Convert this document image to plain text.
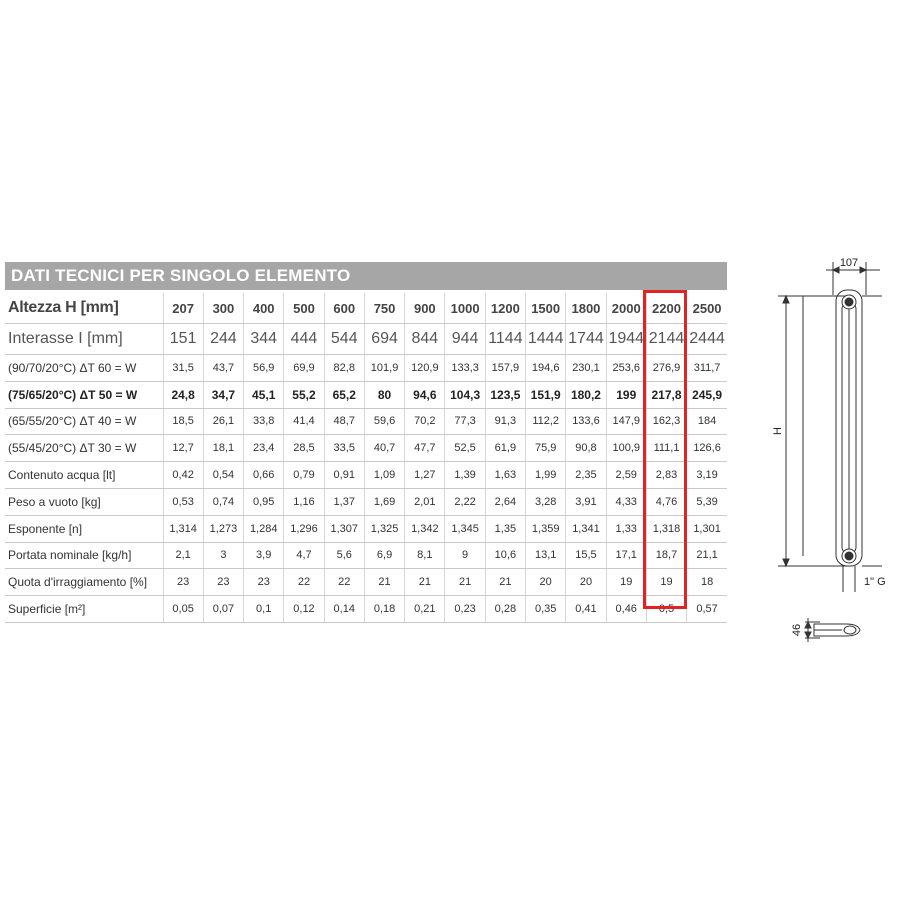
DATI TECNICI PER SINGOLO ELEMENTO
Altezza H [mm]	207	300	400	500	600	750	900	1000	1200	1500	1800	2000	2200	2500
Interasse I [mm]	151	244	344	444	544	694	844	944	1144	1444	1744	1944	2144	2444
(90/70/20°C) ΔT 60 = W	31,5	43,7	56,9	69,9	82,8	101,9	120,9	133,3	157,9	194,6	230,1	253,6	276,9	311,7
(75/65/20°C) ΔT 50 = W	24,8	34,7	45,1	55,2	65,2	80	94,6	104,3	123,5	151,9	180,2	199	217,8	245,9
(65/55/20°C) ΔT 40 = W	18,5	26,1	33,8	41,4	48,7	59,6	70,2	77,3	91,3	112,2	133,6	147,9	162,3	184
(55/45/20°C) ΔT 30 = W	12,7	18,1	23,4	28,5	33,5	40,7	47,7	52,5	61,9	75,9	90,8	100,9	111,1	126,6
Contenuto acqua [lt]	0,42	0,54	0,66	0,79	0,91	1,09	1,27	1,39	1,63	1,99	2,35	2,59	2,83	3,19
Peso a vuoto [kg]	0,53	0,74	0,95	1,16	1,37	1,69	2,01	2,22	2,64	3,28	3,91	4,33	4,76	5,39
Esponente [n]	1,314	1,273	1,284	1,296	1,307	1,325	1,342	1,345	1,35	1,359	1,341	1,33	1,318	1,301
Portata nominale [kg/h]	2,1	3	3,9	4,7	5,6	6,9	8,1	9	10,6	13,1	15,5	17,1	18,7	21,1
Quota d'irraggiamento [%]	23	23	23	22	22	21	21	21	21	20	20	19	19	18
Superficie [m²]	0,05	0,07	0,1	0,12	0,14	0,18	0,21	0,23	0,28	0,35	0,41	0,46	0,5	0,57
107
H
1" G
46
